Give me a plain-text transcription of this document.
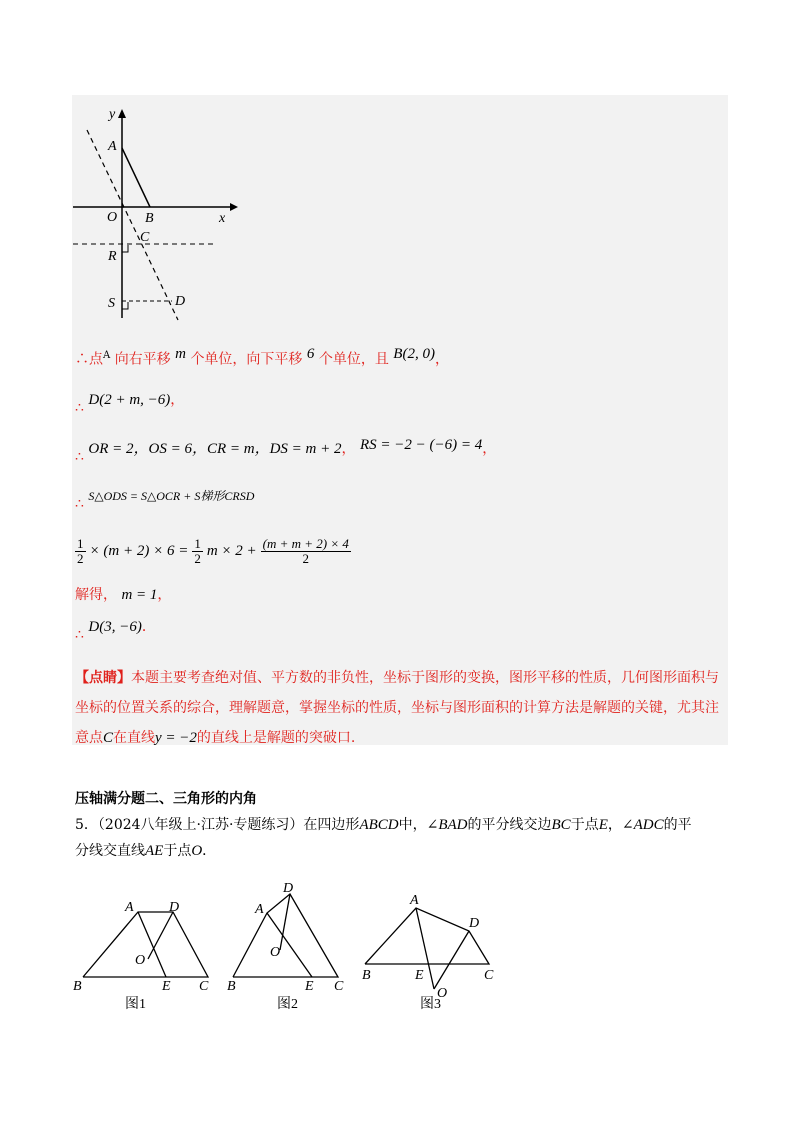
y
x
A
O B
C
R
S	D
∴点$^A$ 向右平移 $^m$ 个单位，向下平移 $^6$ 个单位，且 $^{B(2, 0)}$，
∴ D(2 + m, −6)，
∴ OR = 2，OS = 6，CR = m，DS = m + 2， RS = −2 − (−6) = 4，
∴ S△ODS = S△OCR + S梯形CRSD
$\frac{1}{2} \times (m + 2) \times 6 = \frac{1}{2}$ $m \times 2 + \frac{(m + m + 2) \times 4}{2}$
解得， m = 1，
∴ D(3, −6)．
【点睛】本题主要考查绝对值、平方数的非负性，坐标于图形的变换，图形平移的性质，几何图形面积与
坐标的位置关系的综合，理解题意，掌握坐标的性质，坐标与图形面积的计算方法是解题的关键，尤其注
意点C在直线y = −2的直线上是解题的突破口.
压轴满分题二、三角形的内角
5．（2024八年级上·江苏·专题练习）在四边形ABCD中，∠BAD的平分线交边BC于点E，∠ADC的平
分线交直线AE于点O．
A	D
O
B	E C
图1
D
A
O
B	E C
图2
A
D
B	E	C
O
图3
